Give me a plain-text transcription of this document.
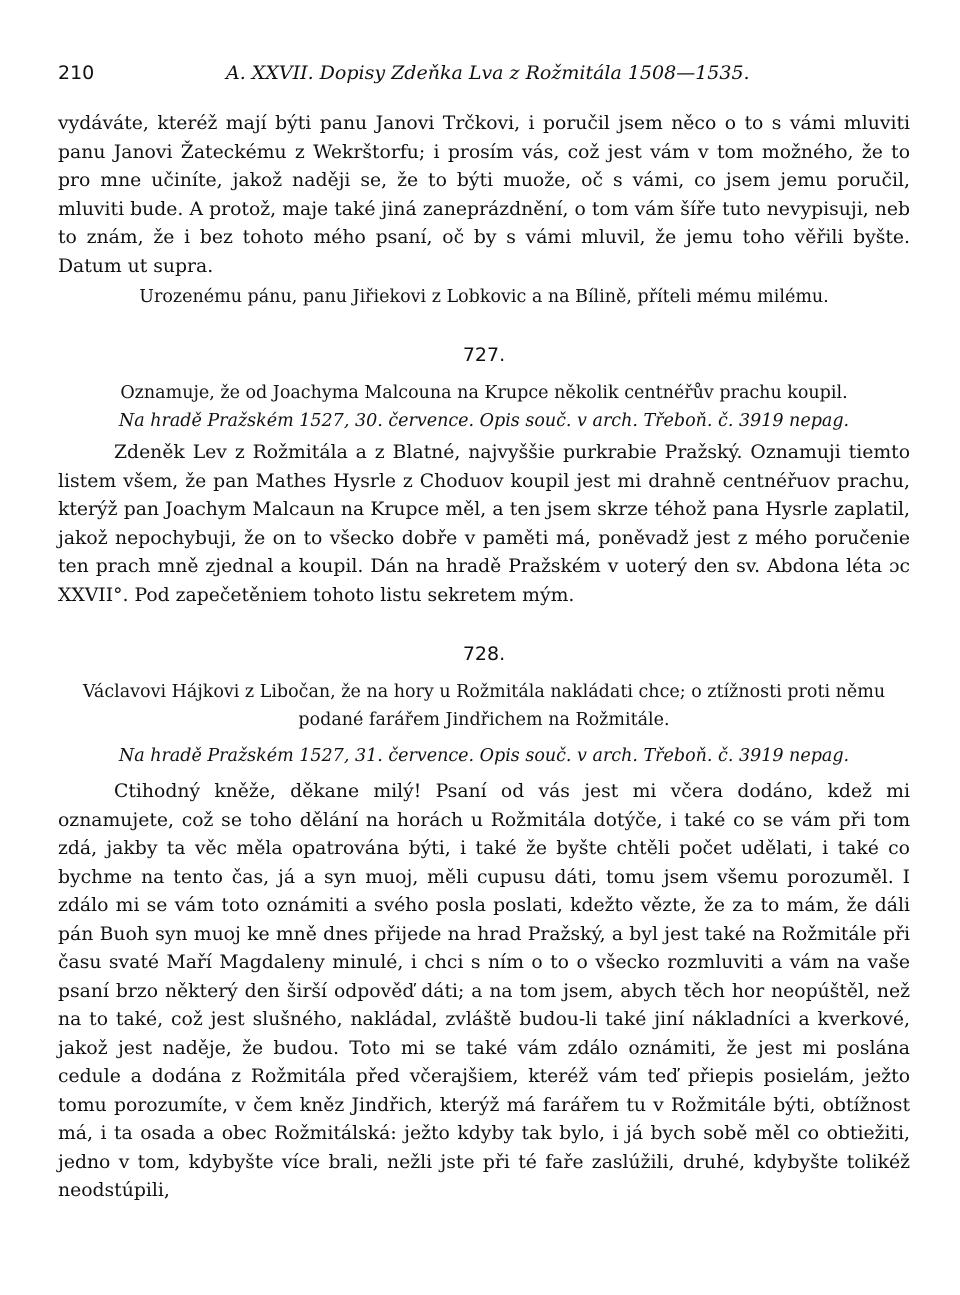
210	A. XXVII. Dopisy Zdeňka Lva z Rožmitála 1508—1535.

vydáváte, kteréž mají býti panu Janovi Trčkovi, i poručil jsem něco o to s vámi mluviti panu Janovi Žateckému z Wekrštorfu; i prosím vás, což jest vám v tom možného, že to pro mne učiníte, jakož naději se, že to býti muože, oč s vámi, co jsem jemu poručil, mluviti bude. A protož, maje také jiná zaneprázdnění, o tom vám šíře tuto nevypisuji, neb to znám, že i bez tohoto mého psaní, oč by s vámi mluvil, že jemu toho věřili byšte. Datum ut supra.

Urozenému pánu, panu Jiřiekovi z Lobkovic a na Bílině, příteli mému milému.

727.

Oznamuje, že od Joachyma Malcouna na Krupce několik centnéřův prachu koupil.

Na hradě Pražském 1527, 30. července. Opis souč. v arch. Třeboň. č. 3919 nepag.

Zdeněk Lev z Rožmitála a z Blatné, najvyššie purkrabie Pražský. Oznamuji tiemto listem všem, že pan Mathes Hysrle z Choduov koupil jest mi drahně centnéřuov prachu, kterýž pan Joachym Malcaun na Krupce měl, a ten jsem skrze téhož pana Hysrle zaplatil, jakož nepochybuji, že on to všecko dobře v paměti má, poněvadž jest z mého poručenie ten prach mně zjednal a koupil. Dán na hradě Pražském v uoterý den sv. Abdona léta ɔc XXVII°. Pod zapečetěniem tohoto listu sekretem mým.

728.

Václavovi Hájkovi z Libočan, že na hory u Rožmitála nakládati chce; o ztížnosti proti němu podané farářem Jindřichem na Rožmitále.

Na hradě Pražském 1527, 31. července. Opis souč. v arch. Třeboň. č. 3919 nepag.

Ctihodný kněže, děkane milý! Psaní od vás jest mi včera dodáno, kdež mi oznamujete, což se toho dělání na horách u Rožmitála dotýče, i také co se vám při tom zdá, jakby ta věc měla opatrována býti, i také že byšte chtěli počet udělati, i také co bychme na tento čas, já a syn muoj, měli cupusu dáti, tomu jsem všemu porozuměl. I zdálo mi se vám toto oznámiti a svého posla poslati, kdežto vězte, že za to mám, že dáli pán Buoh syn muoj ke mně dnes přijede na hrad Pražský, a byl jest také na Rožmitále při času svaté Maří Magdaleny minulé, i chci s ním o to o všecko rozmluviti a vám na vaše psaní brzo některý den širší odpověď dáti; a na tom jsem, abych těch hor neopúštěl, než na to také, což jest slušného, nakládal, zvláště budou-li také jiní nákladníci a kverkové, jakož jest naděje, že budou. Toto mi se také vám zdálo oznámiti, že jest mi poslána cedule a dodána z Rožmitála před včerajšiem, kteréž vám teď přiepis posielám, ježto tomu porozumíte, v čem kněz Jindřich, kterýž má farářem tu v Rožmitále býti, obtížnost má, i ta osada a obec Rožmitálská: ježto kdyby tak bylo, i já bych sobě měl co obtiežiti, jedno v tom, kdybyšte více brali, nežli jste při té faře zaslúžili, druhé, kdybyšte tolikéž neodstúpili,
